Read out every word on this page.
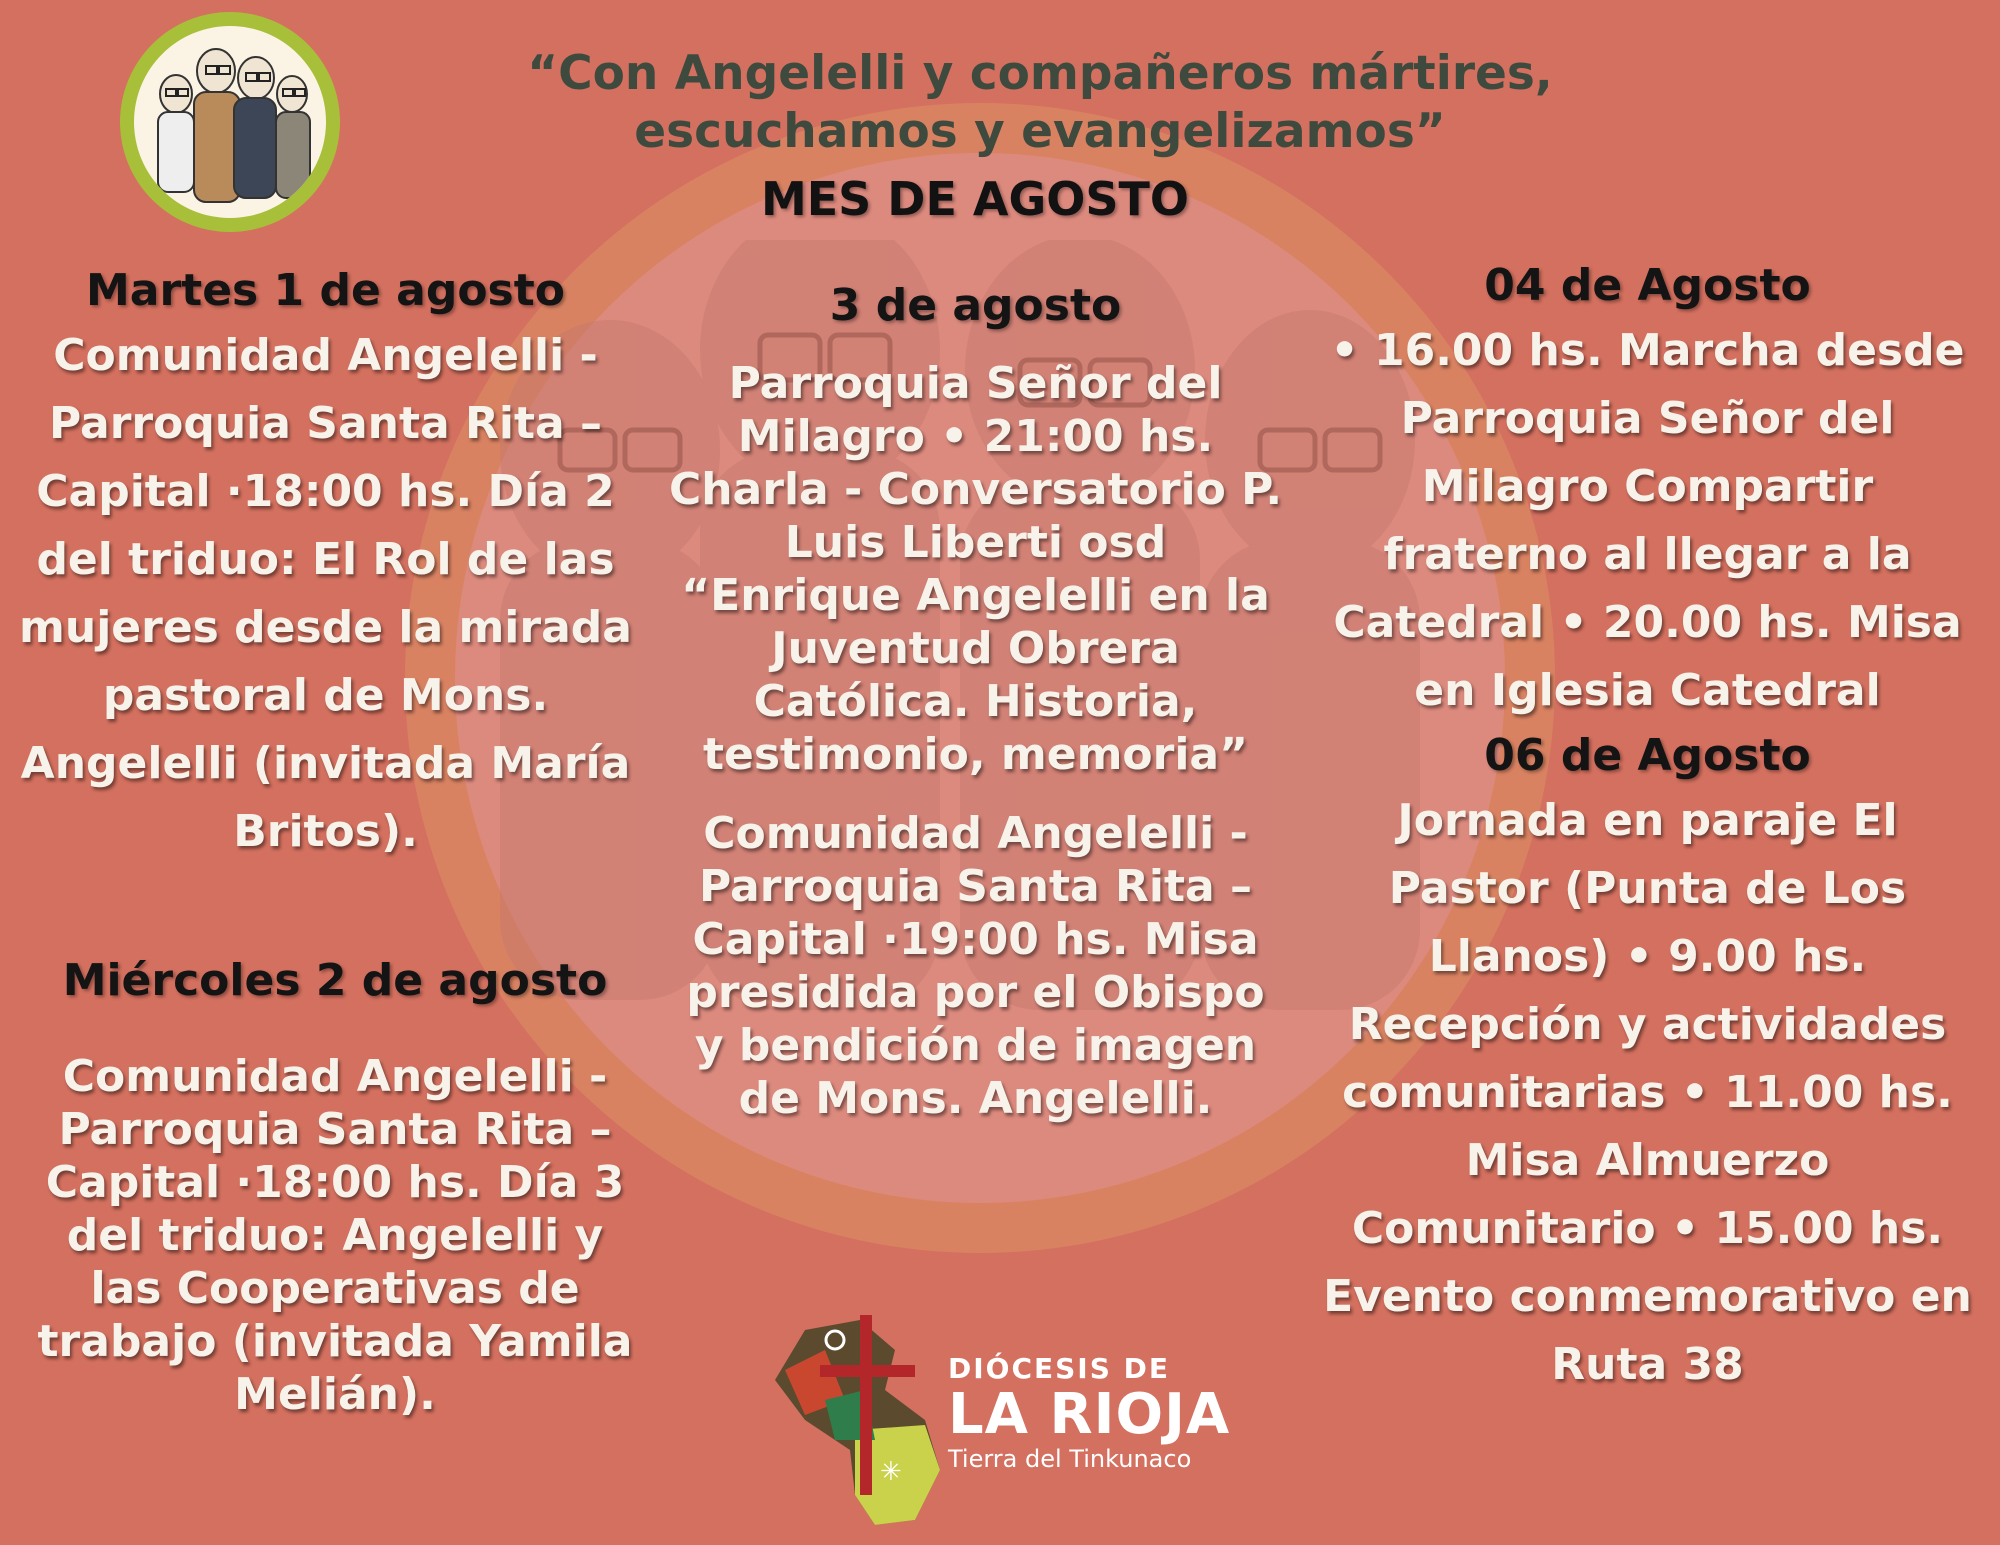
“Con Angelelli y compañeros mártires,
escuchamos y evangelizamos”
MES DE AGOSTO

Martes 1 de agosto

Comunidad Angelelli - Parroquia Santa Rita – Capital ·18:00 hs. Día 2 del triduo: El Rol de las mujeres desde la mirada pastoral de Mons. Angelelli (invitada María Britos).

Miércoles 2 de agosto

Comunidad Angelelli - Parroquia Santa Rita – Capital ·18:00 hs. Día 3 del triduo: Angelelli y las Cooperativas de trabajo (invitada Yamila Melián).

3 de agosto

Parroquia Señor del Milagro • 21:00 hs. Charla - Conversatorio P. Luis Liberti osd “Enrique Angelelli en la Juventud Obrera Católica. Historia, testimonio, memoria”

Comunidad Angelelli - Parroquia Santa Rita – Capital ·19:00 hs. Misa presidida por el Obispo y bendición de imagen de Mons. Angelelli.

04 de Agosto

• 16.00 hs. Marcha desde Parroquia Señor del Milagro Compartir fraterno al llegar a la Catedral • 20.00 hs. Misa en Iglesia Catedral

06 de Agosto

Jornada en paraje El Pastor (Punta de Los Llanos) • 9.00 hs. Recepción y actividades comunitarias • 11.00 hs. Misa Almuerzo Comunitario • 15.00 hs. Evento conmemorativo en Ruta 38

✳
DIÓCESIS DE
LA RIOJA
Tierra del Tinkunaco
